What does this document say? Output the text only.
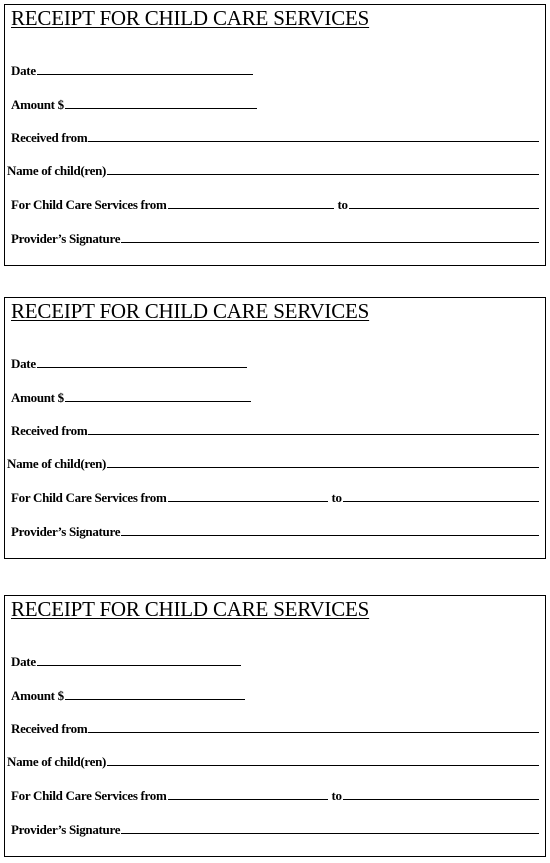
RECEIPT FOR CHILD CARE SERVICES
Date
Amount $
Received from
Name of child(ren)
For Child Care Services from	to
Provider’s Signature
RECEIPT FOR CHILD CARE SERVICES
Date
Amount $
Received from
Name of child(ren)
For Child Care Services from	to
Provider’s Signature
RECEIPT FOR CHILD CARE SERVICES
Date
Amount $
Received from
Name of child(ren)
For Child Care Services from	to
Provider’s Signature
